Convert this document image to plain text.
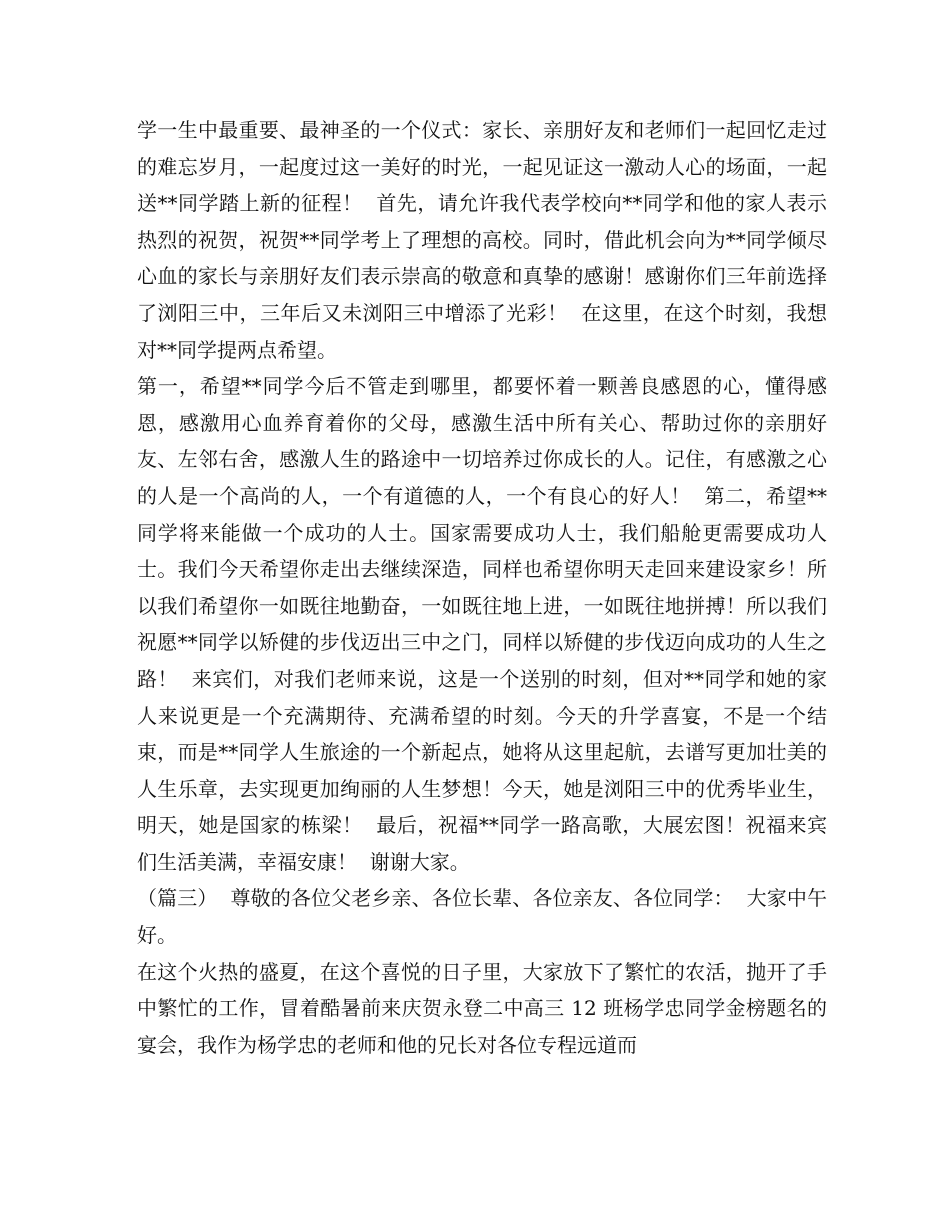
学一生中最重要、最神圣的一个仪式：家长、亲朋好友和老师们一起回忆走过的难忘岁月，一起度过这一美好的时光，一起见证这一激动人心的场面，一起送**同学踏上新的征程！  首先，请允许我代表学校向**同学和他的家人表示热烈的祝贺，祝贺**同学考上了理想的高校。同时，借此机会向为**同学倾尽心血的家长与亲朋好友们表示崇高的敬意和真挚的感谢！感谢你们三年前选择了浏阳三中，三年后又未浏阳三中增添了光彩！  在这里，在这个时刻，我想对**同学提两点希望。

第一，希望**同学今后不管走到哪里，都要怀着一颗善良感恩的心，懂得感恩，感激用心血养育着你的父母，感激生活中所有关心、帮助过你的亲朋好友、左邻右舍，感激人生的路途中一切培养过你成长的人。记住，有感激之心的人是一个高尚的人，一个有道德的人，一个有良心的好人！  第二，希望**同学将来能做一个成功的人士。国家需要成功人士，我们船舱更需要成功人士。我们今天希望你走出去继续深造，同样也希望你明天走回来建设家乡！所以我们希望你一如既往地勤奋，一如既往地上进，一如既往地拼搏！所以我们祝愿**同学以矫健的步伐迈出三中之门，同样以矫健的步伐迈向成功的人生之路！  来宾们，对我们老师来说，这是一个送别的时刻，但对**同学和她的家人来说更是一个充满期待、充满希望的时刻。今天的升学喜宴，不是一个结束，而是**同学人生旅途的一个新起点，她将从这里起航，去谱写更加壮美的人生乐章，去实现更加绚丽的人生梦想！今天，她是浏阳三中的优秀毕业生，明天，她是国家的栋梁！  最后，祝福**同学一路高歌，大展宏图！祝福来宾们生活美满，幸福安康！  谢谢大家。

（篇三）  尊敬的各位父老乡亲、各位长辈、各位亲友、各位同学：  大家中午好。

在这个火热的盛夏，在这个喜悦的日子里，大家放下了繁忙的农活，抛开了手中繁忙的工作，冒着酷暑前来庆贺永登二中高三 12 班杨学忠同学金榜题名的宴会，我作为杨学忠的老师和他的兄长对各位专程远道而
